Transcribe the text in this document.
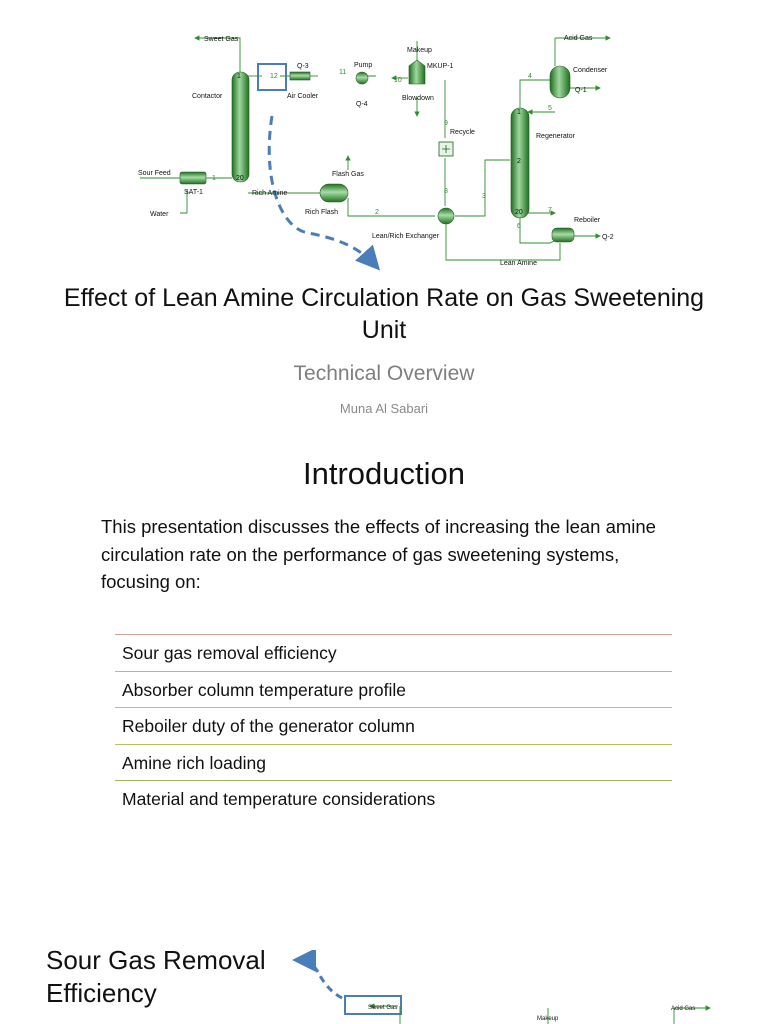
Sweet Gas
Contactor
Q-3
Air Cooler
Pump
Q-4
Makeup
MKUP-1
Blowdown
Recycle
Acid Gas
Condenser
Q-1
Regenerator
Reboiler
Q-2
Sour Feed
SAT-1
Water
Rich Amine
Flash Gas
Rich Flash
Lean/Rich Exchanger
Lean Amine
1
2
3
4
5
6
7
8
9
10
11
12
1
20
2
1
20
Effect of Lean Amine Circulation Rate on Gas Sweetening Unit
Technical Overview
Muna Al Sabari
Introduction
This presentation discusses the effects of increasing the lean amine circulation rate on the performance of gas sweetening systems, focusing on:
Sour gas removal efficiency
Absorber column temperature profile
Reboiler duty of the generator column
Amine rich loading
Material and temperature considerations
Sour Gas Removal Efficiency	Sweet Gas
Makeup
Acid Gas
